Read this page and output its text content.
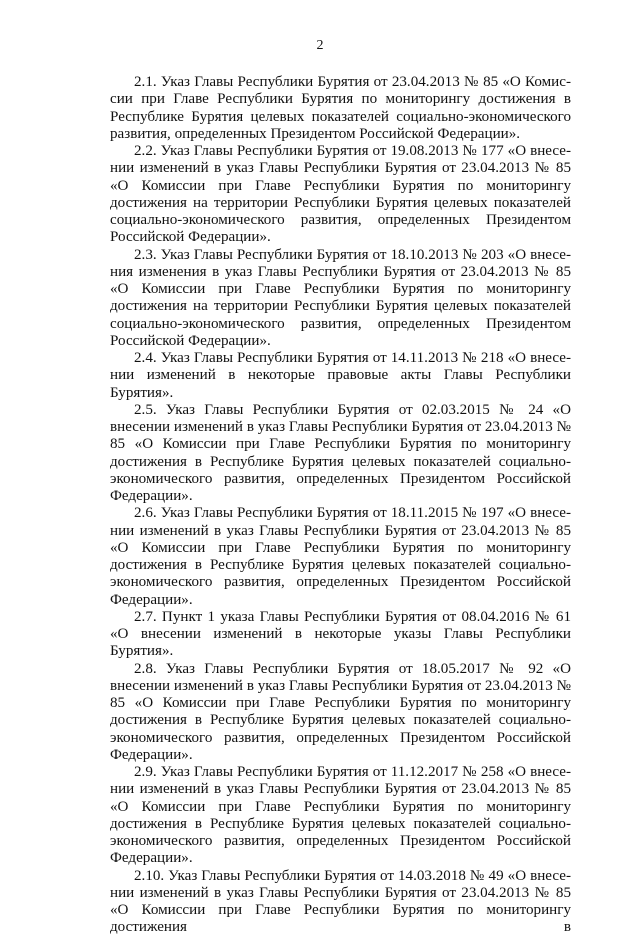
2

2.1. Указ Главы Республики Бурятия от 23.04.2013 № 85 «О Комиссии при Главе Республики Бурятия по мониторингу достижения в Республике Бурятия целевых показателей социально-экономического развития, определенных Президентом Российской Федерации».

2.2. Указ Главы Республики Бурятия от 19.08.2013 № 177 «О внесении изменений в указ Главы Республики Бурятия от 23.04.2013 № 85 «О Комиссии при Главе Республики Бурятия по мониторингу достижения на территории Республики Бурятия целевых показателей социально-экономического развития, определенных Президентом Российской Федерации».

2.3. Указ Главы Республики Бурятия от 18.10.2013 № 203 «О внесения изменения в указ Главы Республики Бурятия от 23.04.2013 № 85 «О Комиссии при Главе Республики Бурятия по мониторингу достижения на территории Республики Бурятия целевых показателей социально-экономического развития, определенных Президентом Российской Федерации».

2.4. Указ Главы Республики Бурятия от 14.11.2013 № 218 «О внесении изменений в некоторые правовые акты Главы Республики Бурятия».

2.5. Указ Главы Республики Бурятия от 02.03.2015 № 24 «О внесении изменений в указ Главы Республики Бурятия от 23.04.2013 № 85 «О Комиссии при Главе Республики Бурятия по мониторингу достижения в Республике Бурятия целевых показателей социально-экономического развития, определенных Президентом Российской Федерации».

2.6. Указ Главы Республики Бурятия от 18.11.2015 № 197 «О внесении изменений в указ Главы Республики Бурятия от 23.04.2013 № 85 «О Комиссии при Главе Республики Бурятия по мониторингу достижения в Республике Бурятия целевых показателей социально-экономического развития, определенных Президентом Российской Федерации».

2.7. Пункт 1 указа Главы Республики Бурятия от 08.04.2016 № 61 «О внесении изменений в некоторые указы Главы Республики Бурятия».

2.8. Указ Главы Республики Бурятия от 18.05.2017 № 92 «О внесении изменений в указ Главы Республики Бурятия от 23.04.2013 № 85 «О Комиссии при Главе Республики Бурятия по мониторингу достижения в Республике Бурятия целевых показателей социально-экономического развития, определенных Президентом Российской Федерации».

2.9. Указ Главы Республики Бурятия от 11.12.2017 № 258 «О внесении изменений в указ Главы Республики Бурятия от 23.04.2013 № 85 «О Комиссии при Главе Республики Бурятия по мониторингу достижения в Республике Бурятия целевых показателей социально-экономического развития, определенных Президентом Российской Федерации».

2.10. Указ Главы Республики Бурятия от 14.03.2018 № 49 «О внесении изменений в указ Главы Республики Бурятия от 23.04.2013 № 85 «О Комиссии при Главе Республики Бурятия по мониторингу достижения в
